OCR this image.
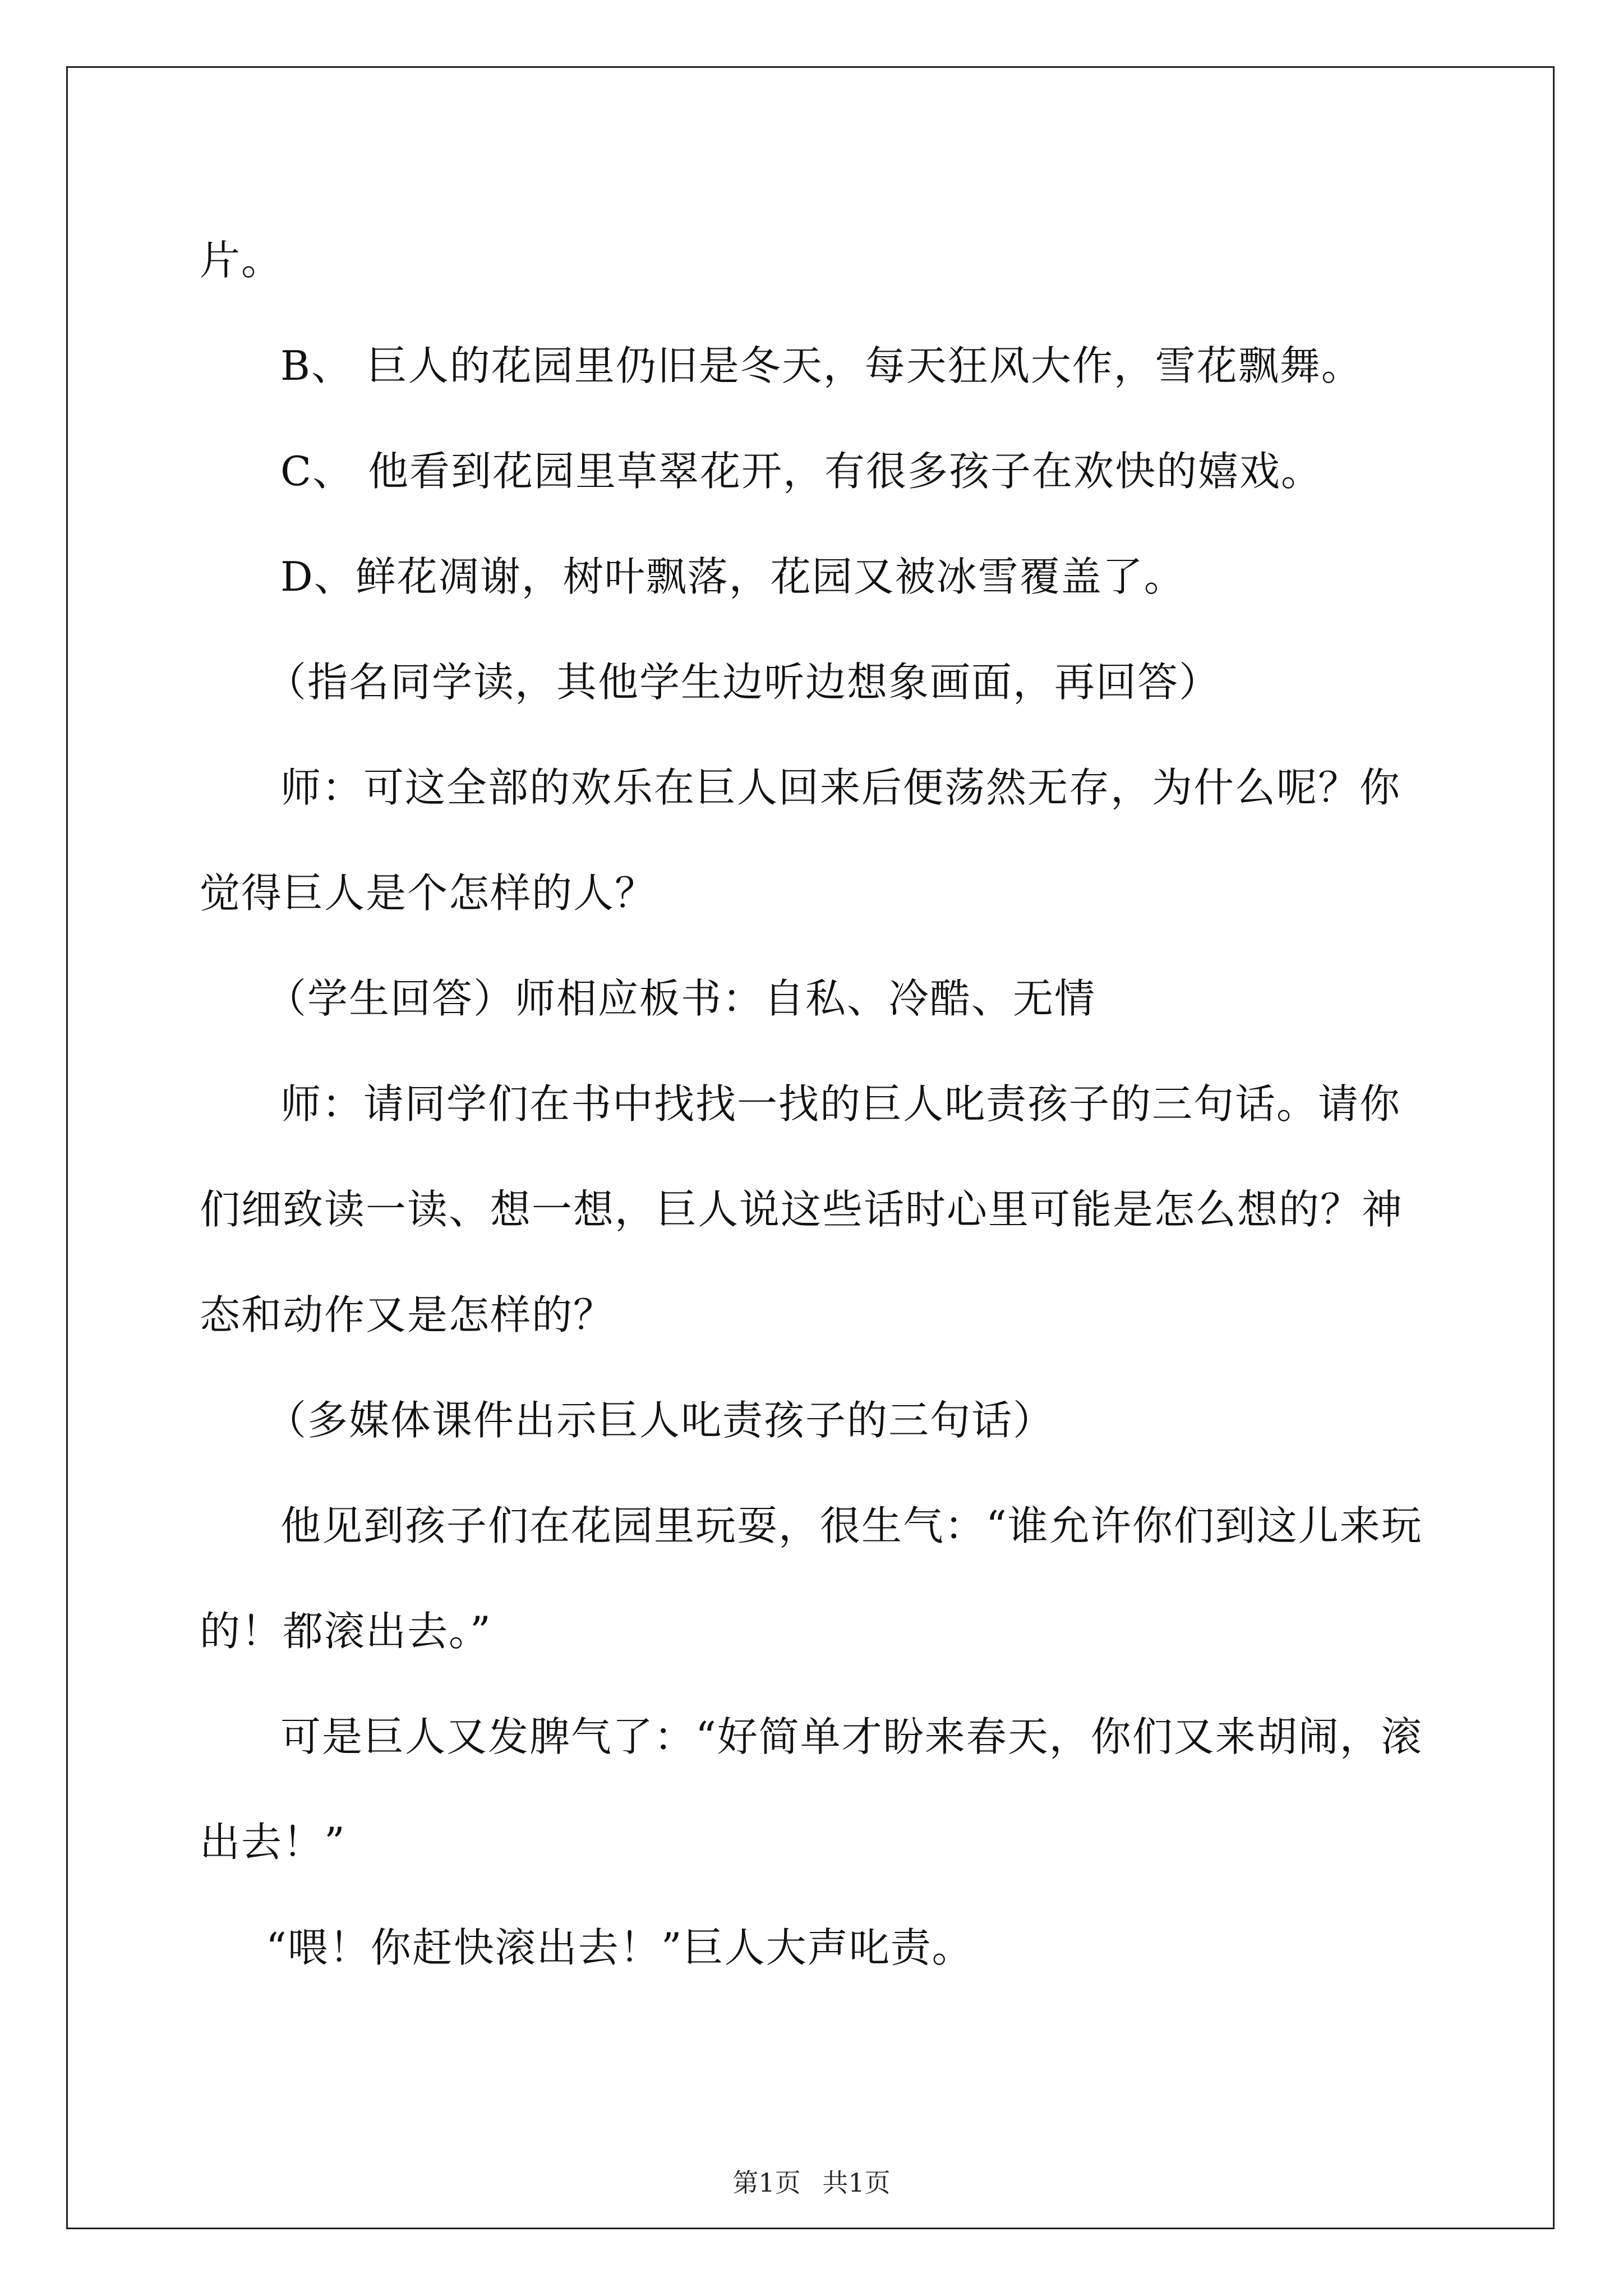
片。

B、 巨人的花园里仍旧是冬天，每天狂风大作，雪花飘舞。

C、 他看到花园里草翠花开，有很多孩子在欢快的嬉戏。

D、鲜花凋谢，树叶飘落，花园又被冰雪覆盖了。

（指名同学读，其他学生边听边想象画面，再回答）

师：可这全部的欢乐在巨人回来后便荡然无存，为什么呢？你觉得巨人是个怎样的人？

（学生回答）师相应板书：自私、冷酷、无情

师：请同学们在书中找找一找的巨人叱责孩子的三句话。请你们细致读一读、想一想，巨人说这些话时心里可能是怎么想的？神态和动作又是怎样的？

（多媒体课件出示巨人叱责孩子的三句话）

他见到孩子们在花园里玩耍，很生气：“谁允许你们到这儿来玩的！都滚出去。”

可是巨人又发脾气了：“好简单才盼来春天，你们又来胡闹，滚出去！”

“喂！你赶快滚出去！”巨人大声叱责。

第1页 共1页
